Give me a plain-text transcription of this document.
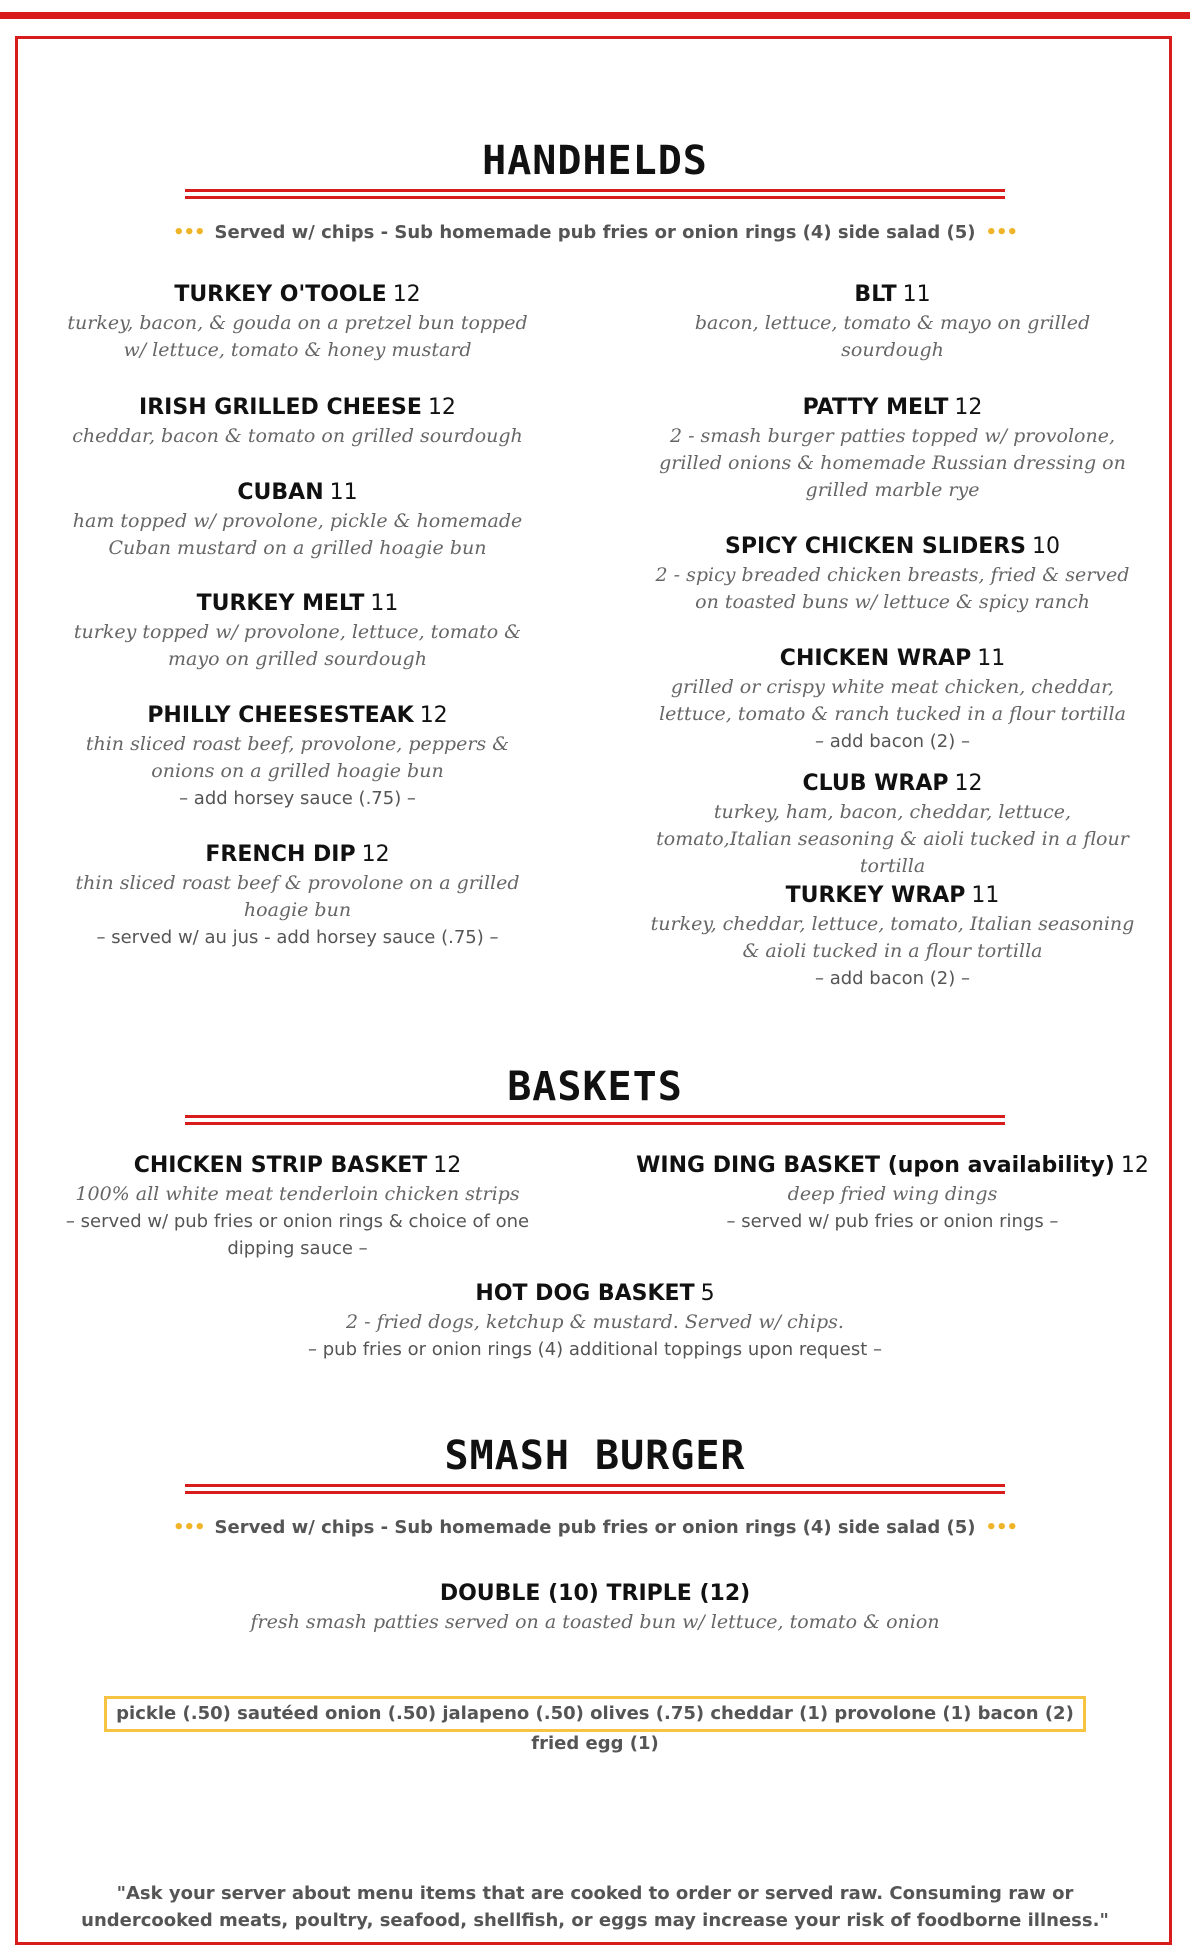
HANDHELDS
••• Served w/ chips - Sub homemade pub fries or onion rings (4) side salad (5) •••
TURKEY O'TOOLE 12
turkey, bacon, & gouda on a pretzel bun topped w/ lettuce, tomato & honey mustard
IRISH GRILLED CHEESE 12
cheddar, bacon & tomato on grilled sourdough
CUBAN 11
ham topped w/ provolone, pickle & homemade Cuban mustard on a grilled hoagie bun
TURKEY MELT 11
turkey topped w/ provolone, lettuce, tomato & mayo on grilled sourdough
PHILLY CHEESESTEAK 12
thin sliced roast beef, provolone, peppers & onions on a grilled hoagie bun
– add horsey sauce (.75) –
FRENCH DIP 12
thin sliced roast beef & provolone on a grilled hoagie bun
– served w/ au jus - add horsey sauce (.75) –
BLT 11
bacon, lettuce, tomato & mayo on grilled sourdough
PATTY MELT 12
2 - smash burger patties topped w/ provolone, grilled onions & homemade Russian dressing on grilled marble rye
SPICY CHICKEN SLIDERS 10
2 - spicy breaded chicken breasts, fried & served on toasted buns w/ lettuce & spicy ranch
CHICKEN WRAP 11
grilled or crispy white meat chicken, cheddar, lettuce, tomato & ranch tucked in a flour tortilla
– add bacon (2) –
CLUB WRAP 12
turkey, ham, bacon, cheddar, lettuce, tomato,Italian seasoning & aioli tucked in a flour tortilla
TURKEY WRAP 11
turkey, cheddar, lettuce, tomato, Italian seasoning & aioli tucked in a flour tortilla
– add bacon (2) –
BASKETS
CHICKEN STRIP BASKET 12
100% all white meat tenderloin chicken strips
– served w/ pub fries or onion rings & choice of one dipping sauce –
WING DING BASKET (upon availability) 12
deep fried wing dings
– served w/ pub fries or onion rings –
HOT DOG BASKET 5
2 - fried dogs, ketchup & mustard. Served w/ chips.
– pub fries or onion rings (4) additional toppings upon request –
SMASH BURGER
••• Served w/ chips - Sub homemade pub fries or onion rings (4) side salad (5) •••
DOUBLE (10) TRIPLE (12)
fresh smash patties served on a toasted bun w/ lettuce, tomato & onion
pickle (.50) sautéed onion (.50) jalapeno (.50) olives (.75) cheddar (1) provolone (1) bacon (2) fried egg (1)
"Ask your server about menu items that are cooked to order or served raw. Consuming raw or undercooked meats, poultry, seafood, shellfish, or eggs may increase your risk of foodborne illness."
